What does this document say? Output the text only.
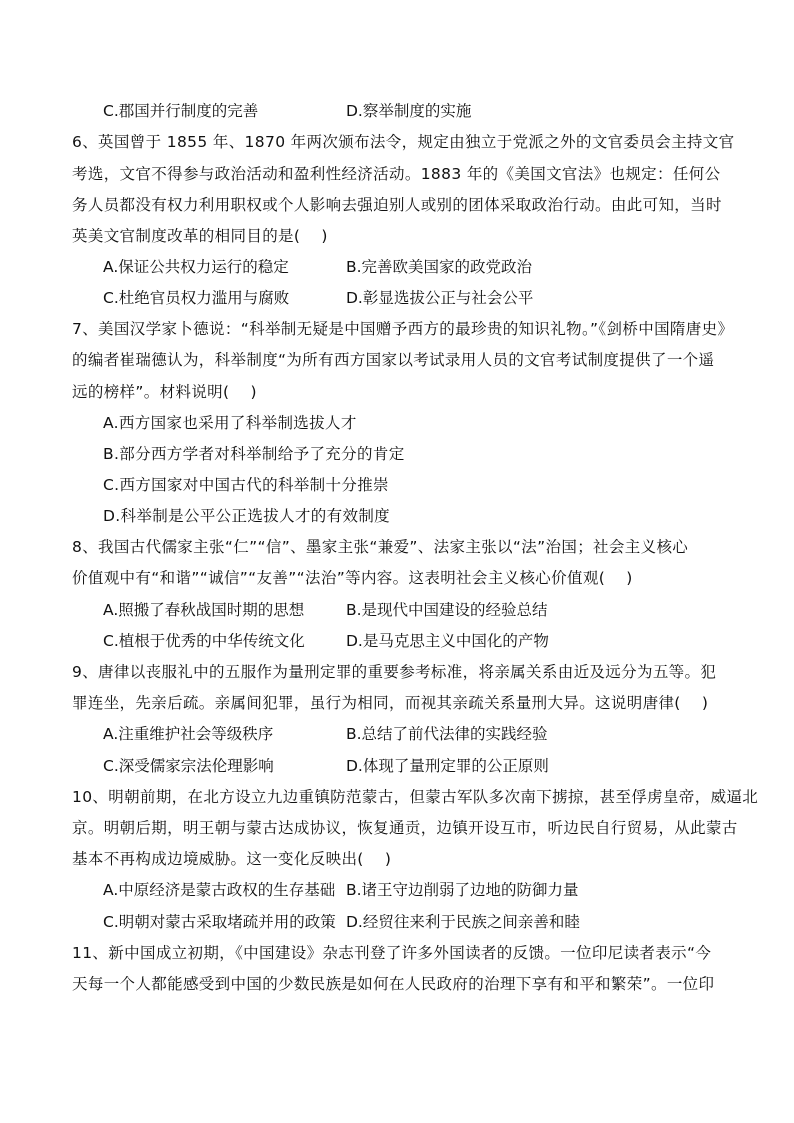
C.郡国并行制度的完善	D.察举制度的实施
6、英国曾于 1855 年、1870 年两次颁布法令，规定由独立于党派之外的文官委员会主持文官
考选，文官不得参与政治活动和盈利性经济活动。1883 年的《美国文官法》也规定：任何公
务人员都没有权力利用职权或个人影响去强迫别人或别的团体采取政治行动。由此可知，当时
英美文官制度改革的相同目的是(　 )
A.保证公共权力运行的稳定	B.完善欧美国家的政党政治
C.杜绝官员权力滥用与腐败	D.彰显选拔公正与社会公平
7、美国汉学家卜德说：“科举制无疑是中国赠予西方的最珍贵的知识礼物。”《剑桥中国隋唐史》
的编者崔瑞德认为，科举制度“为所有西方国家以考试录用人员的文官考试制度提供了一个遥
远的榜样”。材料说明(　 )
A.西方国家也采用了科举制选拔人才
B.部分西方学者对科举制给予了充分的肯定
C.西方国家对中国古代的科举制十分推崇
D.科举制是公平公正选拔人才的有效制度
8、我国古代儒家主张“仁”“信”、墨家主张“兼爱”、法家主张以“法”治国；社会主义核心
价值观中有“和谐”“诚信”“友善”“法治”等内容。这表明社会主义核心价值观(　 )
A.照搬了春秋战国时期的思想	B.是现代中国建设的经验总结
C.植根于优秀的中华传统文化	D.是马克思主义中国化的产物
9、唐律以丧服礼中的五服作为量刑定罪的重要参考标准，将亲属关系由近及远分为五等。犯
罪连坐，先亲后疏。亲属间犯罪，虽行为相同，而视其亲疏关系量刑大异。这说明唐律(　 )
A.注重维护社会等级秩序	B.总结了前代法律的实践经验
C.深受儒家宗法伦理影响	D.体现了量刑定罪的公正原则
10、明朝前期，在北方设立九边重镇防范蒙古，但蒙古军队多次南下掳掠，甚至俘虏皇帝，威逼北
京。明朝后期，明王朝与蒙古达成协议，恢复通贡，边镇开设互市，听边民自行贸易，从此蒙古
基本不再构成边境威胁。这一变化反映出(　 )
A.中原经济是蒙古政权的生存基础 B.诸王守边削弱了边地的防御力量
C.明朝对蒙古采取堵疏并用的政策 D.经贸往来利于民族之间亲善和睦
11、新中国成立初期，《中国建设》杂志刊登了许多外国读者的反馈。一位印尼读者表示“今
天每一个人都能感受到中国的少数民族是如何在人民政府的治理下享有和平和繁荣”。一位印
